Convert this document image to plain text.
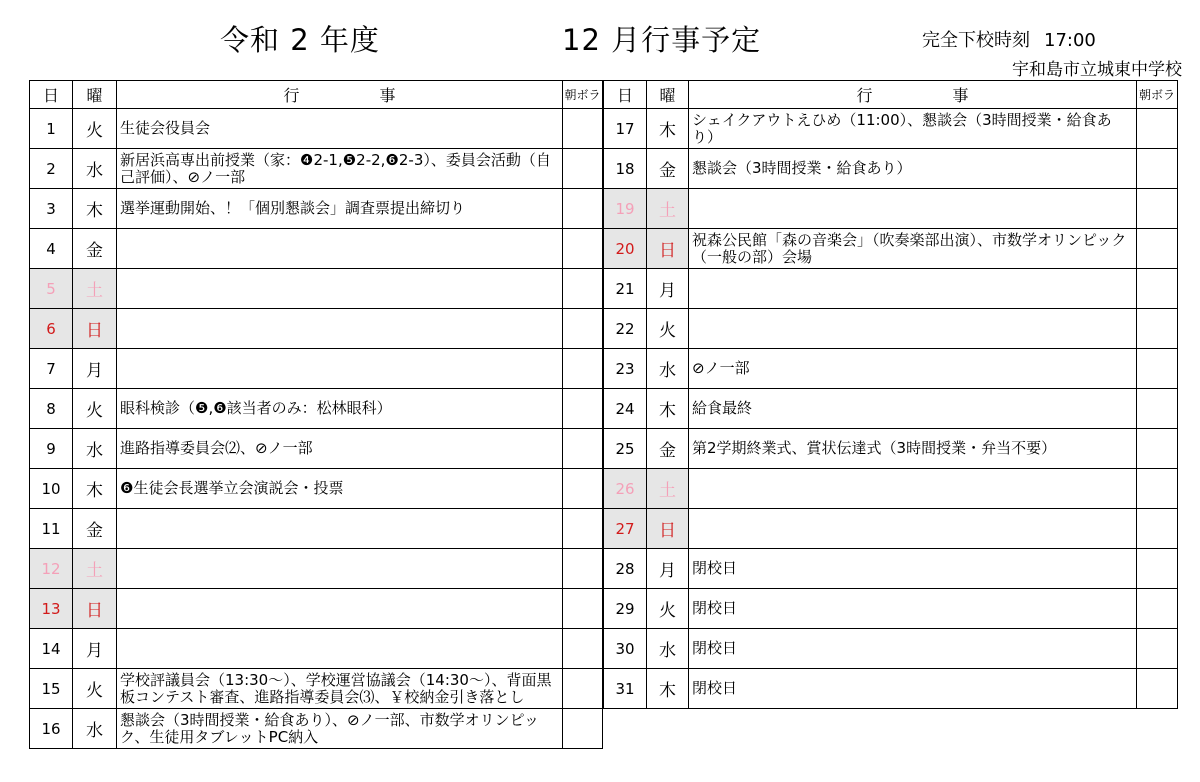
令和 2 年度	12 月行事予定	完全下校時刻 17:00
宇和島市立城東中学校
日	曜	行　　　　　事	朝ボラ
1	火	生徒会役員会	

2	水	新居浜高専出前授業（家：❹2-1,❺2-2,❻2-3）、委員会活動（自己評価）、⊘ノ一部	

3	木	選挙運動開始、！「個別懇談会」調査票提出締切り	

4	金	

5	土	

6	日	

7	月	

8	火	眼科検診（❺,❻該当者のみ：松林眼科）	

9	水	進路指導委員会⑵、⊘ノ一部	

10	木	❻生徒会長選挙立会演説会・投票	

11	金	

12	土	

13	日	

14	月	

15	火	学校評議員会（13:30～）、学校運営協議会（14:30～）、背面黒板コンテスト審査、進路指導委員会⑶、￥校納金引き落とし	

16	水	懇談会（3時間授業・給食あり）、⊘ノ一部、市数学オリンピック、生徒用タブレットPC納入	

日	曜	行　　　　　事	朝ボラ
17	木	シェイクアウトえひめ（11:00）、懇談会（3時間授業・給食あり）	

18	金	懇談会（3時間授業・給食あり）	

19	土	

20	日	祝森公民館「森の音楽会」（吹奏楽部出演）、市数学オリンピック（一般の部）会場	

21	月	

22	火	

23	水	⊘ノ一部	

24	木	給食最終	

25	金	第2学期終業式、賞状伝達式（3時間授業・弁当不要）	

26	土	

27	日	

28	月	閉校日	

29	火	閉校日	

30	水	閉校日	

31	木	閉校日	
